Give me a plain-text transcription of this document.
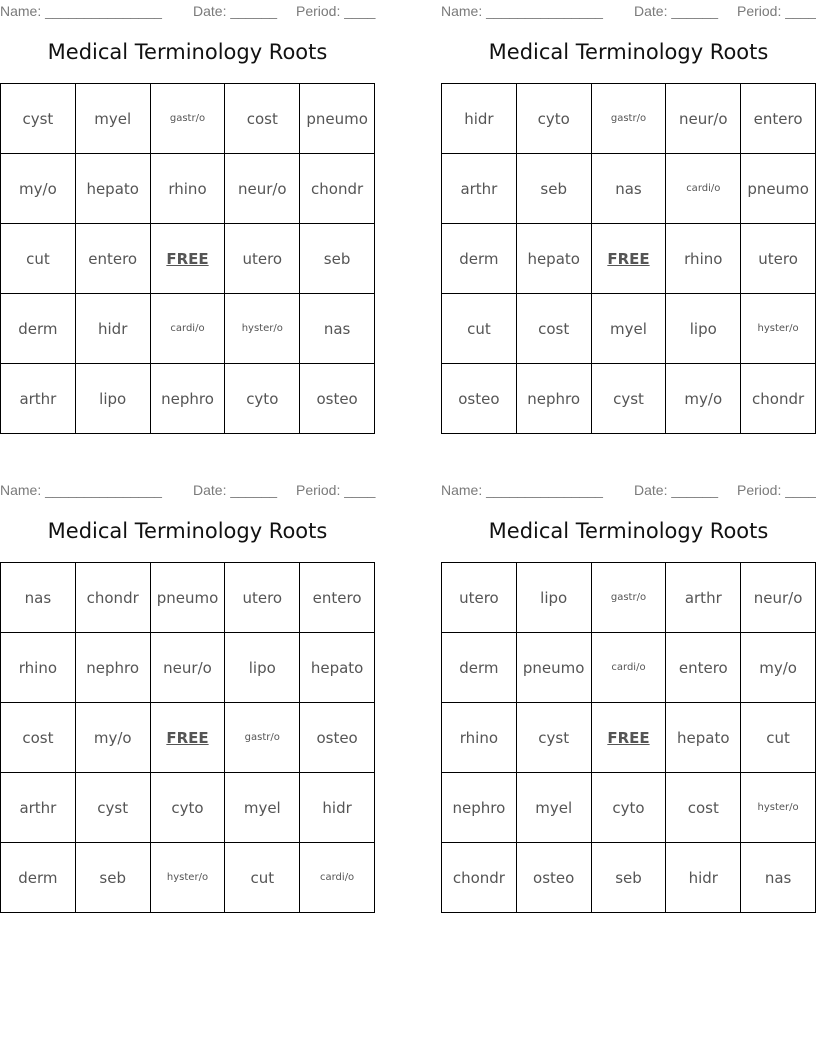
Name: _______________ Date: ______ Period: ____
Medical Terminology Roots
cyst	myel	gastr/o	cost	pneumo
my/o	hepato	rhino	neur/o	chondr
cut	entero	FREE	utero	seb
derm	hidr	cardi/o	hyster/o	nas
arthr	lipo	nephro	cyto	osteo
Name: _______________ Date: ______ Period: ____
Medical Terminology Roots
hidr	cyto	gastr/o	neur/o	entero
arthr	seb	nas	cardi/o	pneumo
derm	hepato	FREE	rhino	utero
cut	cost	myel	lipo	hyster/o
osteo	nephro	cyst	my/o	chondr
Name: _______________ Date: ______ Period: ____
Medical Terminology Roots
nas	chondr	pneumo	utero	entero
rhino	nephro	neur/o	lipo	hepato
cost	my/o	FREE	gastr/o	osteo
arthr	cyst	cyto	myel	hidr
derm	seb	hyster/o	cut	cardi/o
Name: _______________ Date: ______ Period: ____
Medical Terminology Roots
utero	lipo	gastr/o	arthr	neur/o
derm	pneumo	cardi/o	entero	my/o
rhino	cyst	FREE	hepato	cut
nephro	myel	cyto	cost	hyster/o
chondr	osteo	seb	hidr	nas
